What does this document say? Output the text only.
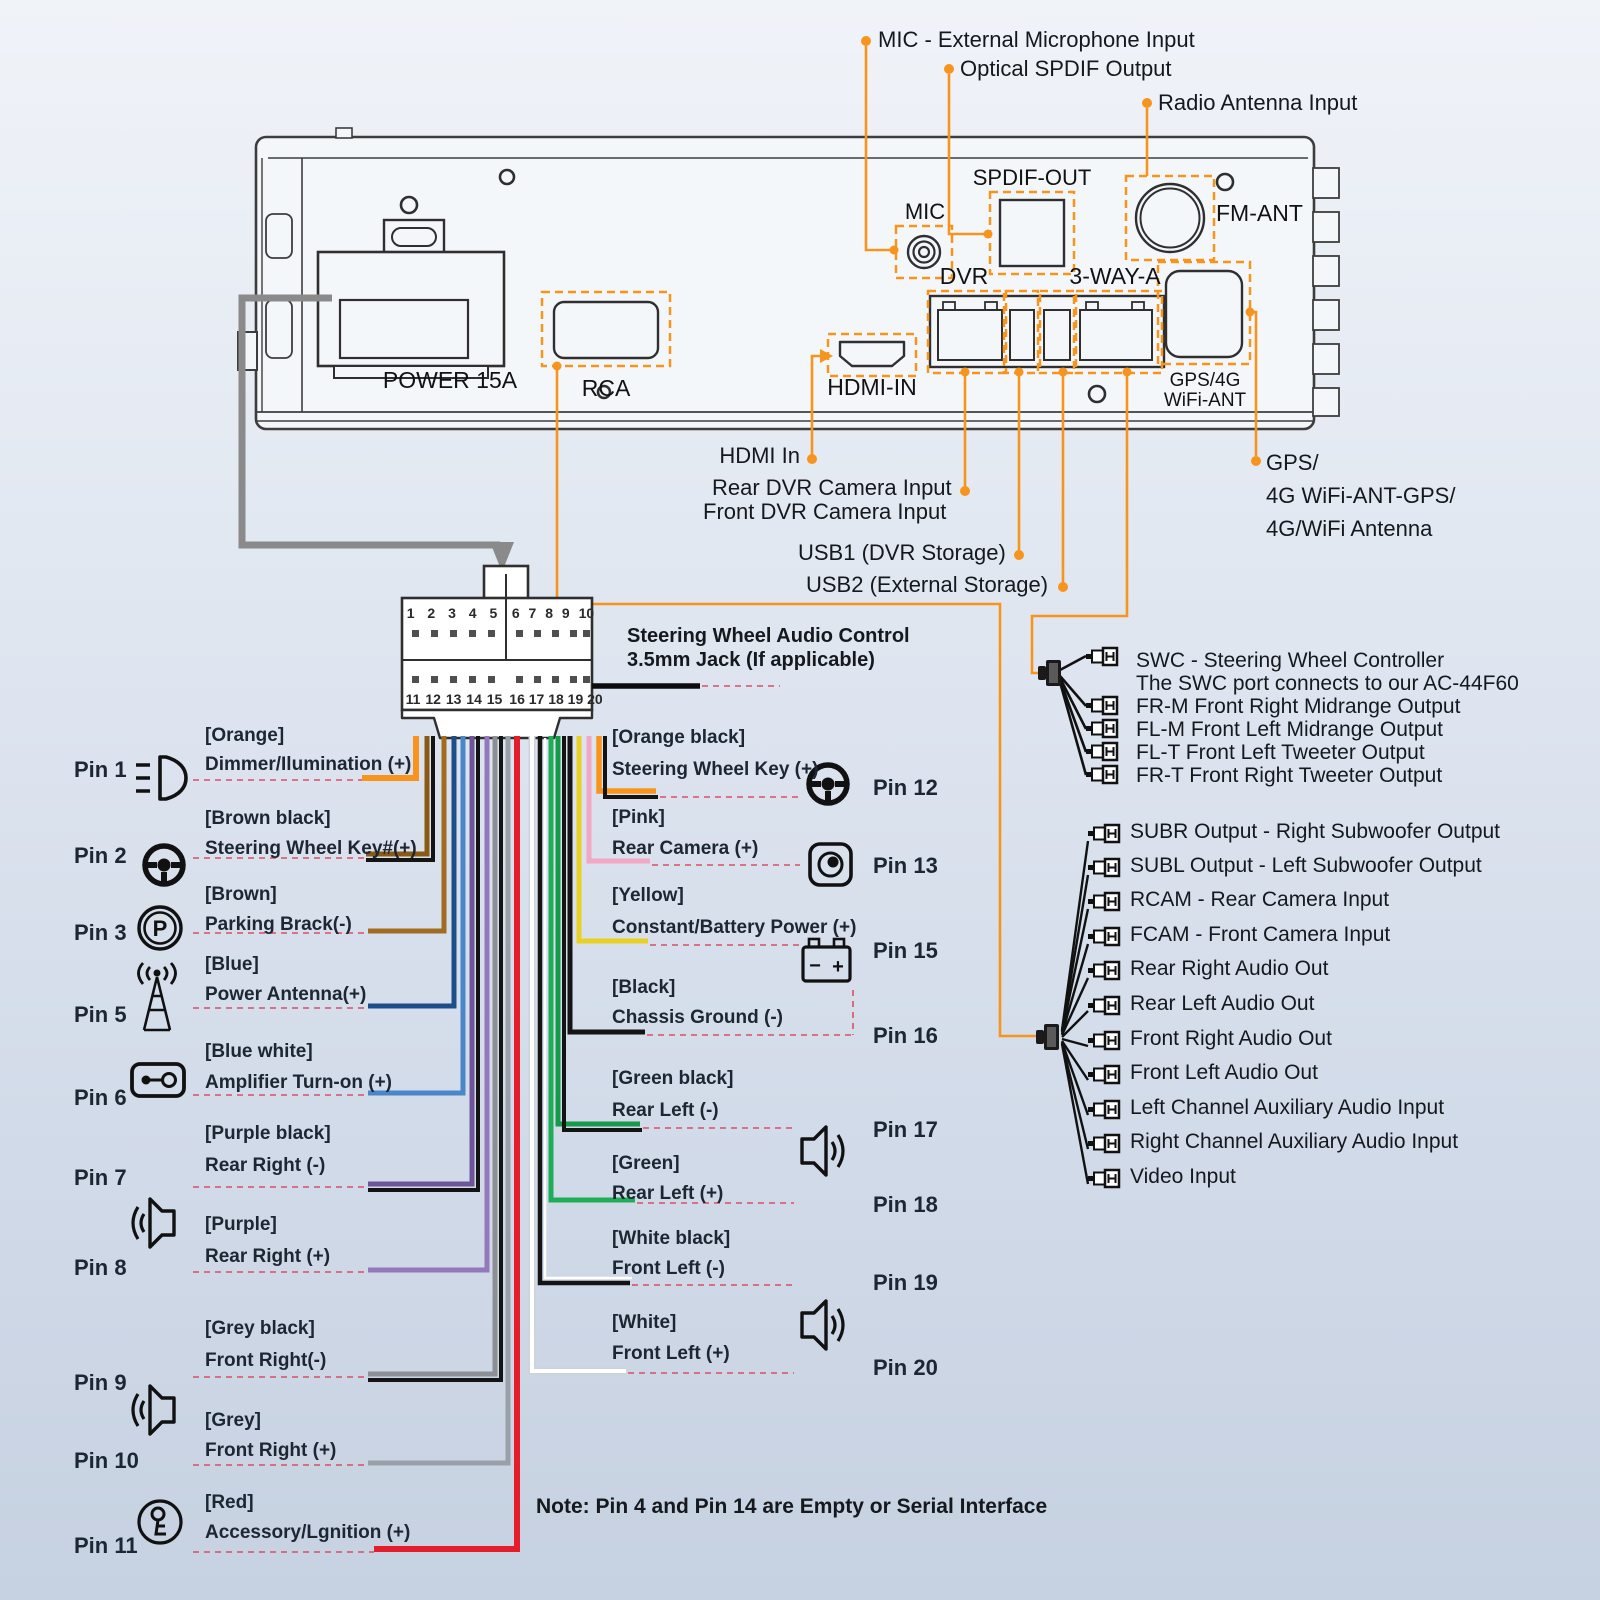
P
− +
MIC - External Microphone Input
Optical SPDIF Output
Radio Antenna Input
POWER 15A	RCA	HDMI-IN
MIC
SPDIF-OUT
FM-ANT
DVR	3-WAY-A
GPS/4G
WiFi-ANT
HDMI In
Rear DVR Camera Input
Front DVR Camera Input
USB1 (DVR Storage)
USB2 (External Storage)
GPS/
4G WiFi-ANT-GPS/
4G/WiFi Antenna
1 2 3 4 5	6 7 8 9 10
11 12 13 14 15 16 17 18 19 20
Steering Wheel Audio Control
3.5mm Jack (If applicable)	SWC - Steering Wheel Controller
The SWC port connects to our AC-44F60
FR-M Front Right Midrange Output
FL-M Front Left Midrange Output
FL-T Front Left Tweeter Output
FR-T Front Right Tweeter Output
SUBR Output - Right Subwoofer Output
SUBL Output - Left Subwoofer Output
RCAM - Rear Camera Input
FCAM - Front Camera Input
Rear Right Audio Out
Rear Left Audio Out
Front Right Audio Out
Front Left Audio Out
Left Channel Auxiliary Audio Input
Right Channel Auxiliary Audio Input
Video Input
[Orange]
Dimmer/Ilumination (+)
Pin 1
[Brown black]
Steering Wheel Key#(+)
Pin 2
[Brown]
Parking Brack(-)
Pin 3
[Blue]
Power Antenna(+)
Pin 5
[Blue white]
Amplifier Turn-on (+)
Pin 6
[Purple black]
Rear Right (-)
Pin 7
[Purple]
Rear Right (+)
Pin 8
[Grey black]
Front Right(-)
Pin 9
[Grey]
Front Right (+)
Pin 10
[Red]
Accessory/Lgnition (+)
Pin 11
[Orange black]
Steering Wheel Key (+)
Pin 12
[Pink]
Rear Camera (+)
Pin 13
[Yellow]
Constant/Battery Power (+)
Pin 15
[Black]
Chassis Ground (-)
Pin 16
[Green black]
Rear Left (-)
Pin 17
[Green]
Rear Left (+)	Pin 18
[White black]
Front Left (-)
Pin 19
[White]
Front Left (+)
Pin 20
Note: Pin 4 and Pin 14 are Empty or Serial Interface
